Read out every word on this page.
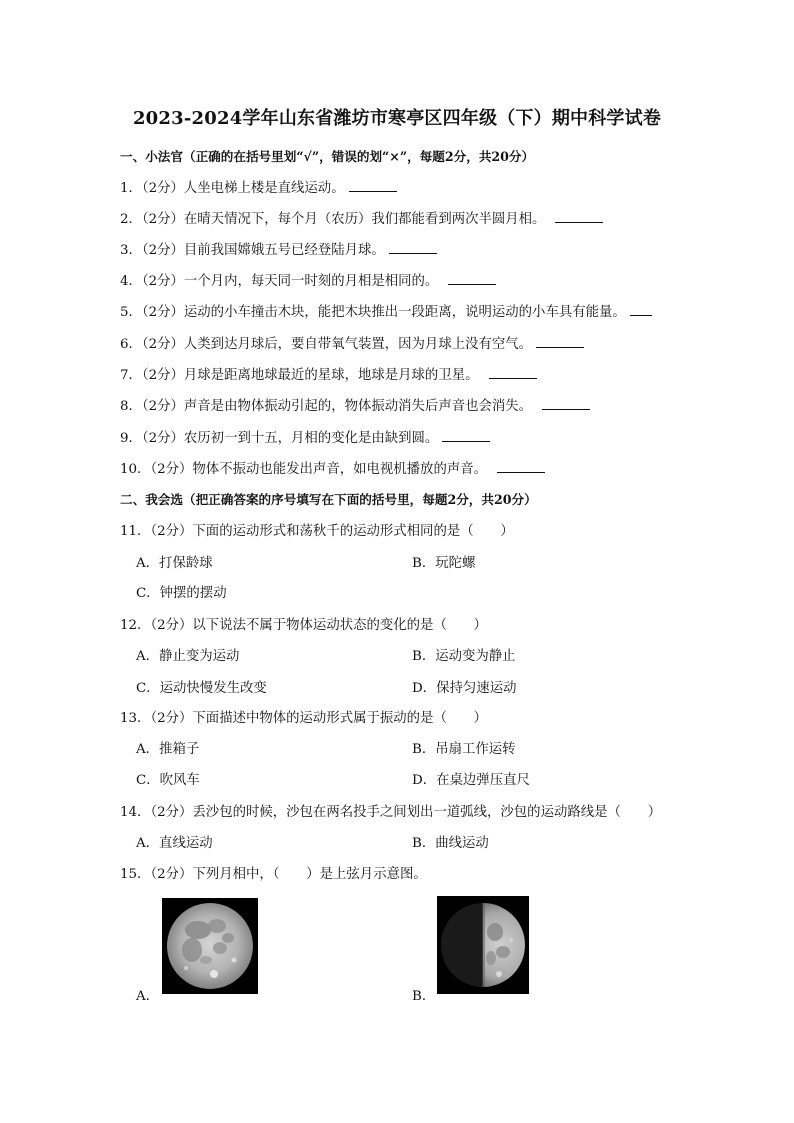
2023-2024学年山东省潍坊市寒亭区四年级（下）期中科学试卷
一、小法官（正确的在括号里划“√”，错误的划“×”，每题2分，共20分）
1．（2分）人坐电梯上楼是直线运动。
2．（2分）在晴天情况下，每个月（农历）我们都能看到两次半圆月相。
3．（2分）目前我国嫦娥五号已经登陆月球。
4．（2分）一个月内，每天同一时刻的月相是相同的。
5．（2分）运动的小车撞击木块，能把木块推出一段距离，说明运动的小车具有能量。
6．（2分）人类到达月球后，要自带氧气装置，因为月球上没有空气。
7．（2分）月球是距离地球最近的星球，地球是月球的卫星。
8．（2分）声音是由物体振动引起的，物体振动消失后声音也会消失。
9．（2分）农历初一到十五，月相的变化是由缺到圆。
10．（2分）物体不振动也能发出声音，如电视机播放的声音。
二、我会选（把正确答案的序号填写在下面的括号里，每题2分，共20分）
11．（2分）下面的运动形式和荡秋千的运动形式相同的是（　　）
A．打保龄球	B．玩陀螺
C．钟摆的摆动
12．（2分）以下说法不属于物体运动状态的变化的是（　　）
A．静止变为运动	B．运动变为静止
C．运动快慢发生改变	D．保持匀速运动
13．（2分）下面描述中物体的运动形式属于振动的是（　　）
A．推箱子	B．吊扇工作运转
C．吹风车	D．在桌边弹压直尺
14．（2分）丢沙包的时候，沙包在两名投手之间划出一道弧线，沙包的运动路线是（　　）
A．直线运动	B．曲线运动
15．（2分）下列月相中，（　　）是上弦月示意图。
A．	B．
